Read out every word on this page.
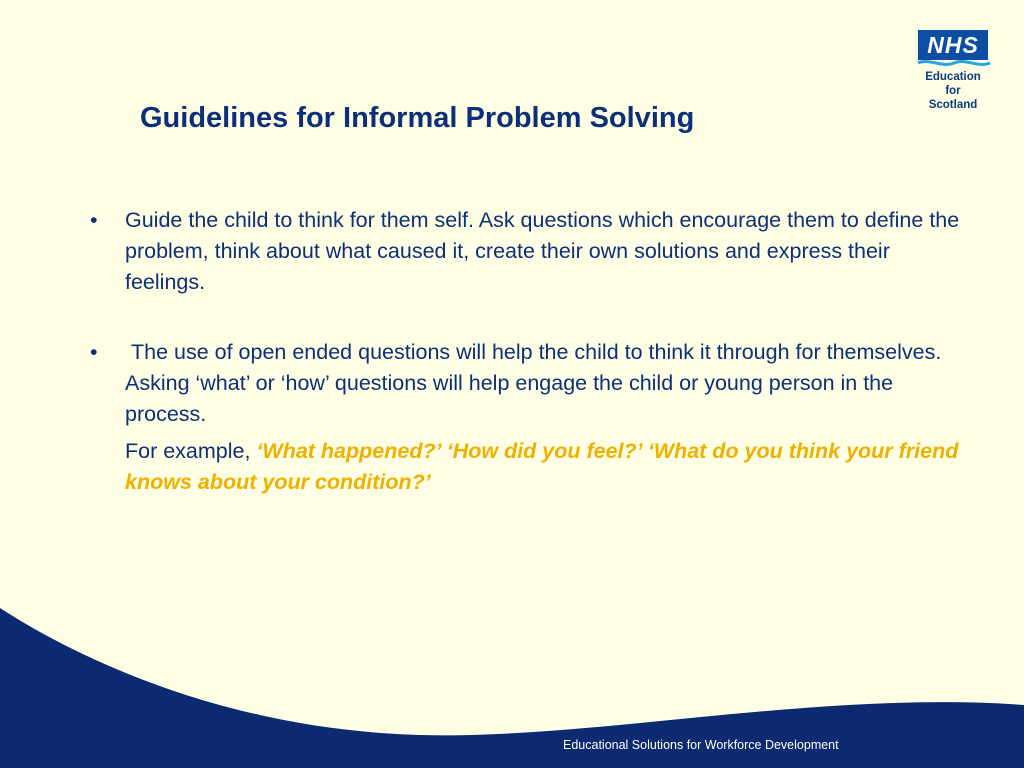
NHS
Education
for
Scotland
Guidelines for Informal Problem Solving
• Guide the child to think for them self. Ask questions which encourage them to define the problem, think about what caused it, create their own solutions and express their feelings.
• The use of open ended questions will help the child to think it through for themselves. Asking ‘what’ or ‘how’ questions will help engage the child or young person in the process.
For example, ‘What happened?’ ‘How did you feel?’ ‘What do you think your friend knows about your condition?’
Educational Solutions for Workforce Development
